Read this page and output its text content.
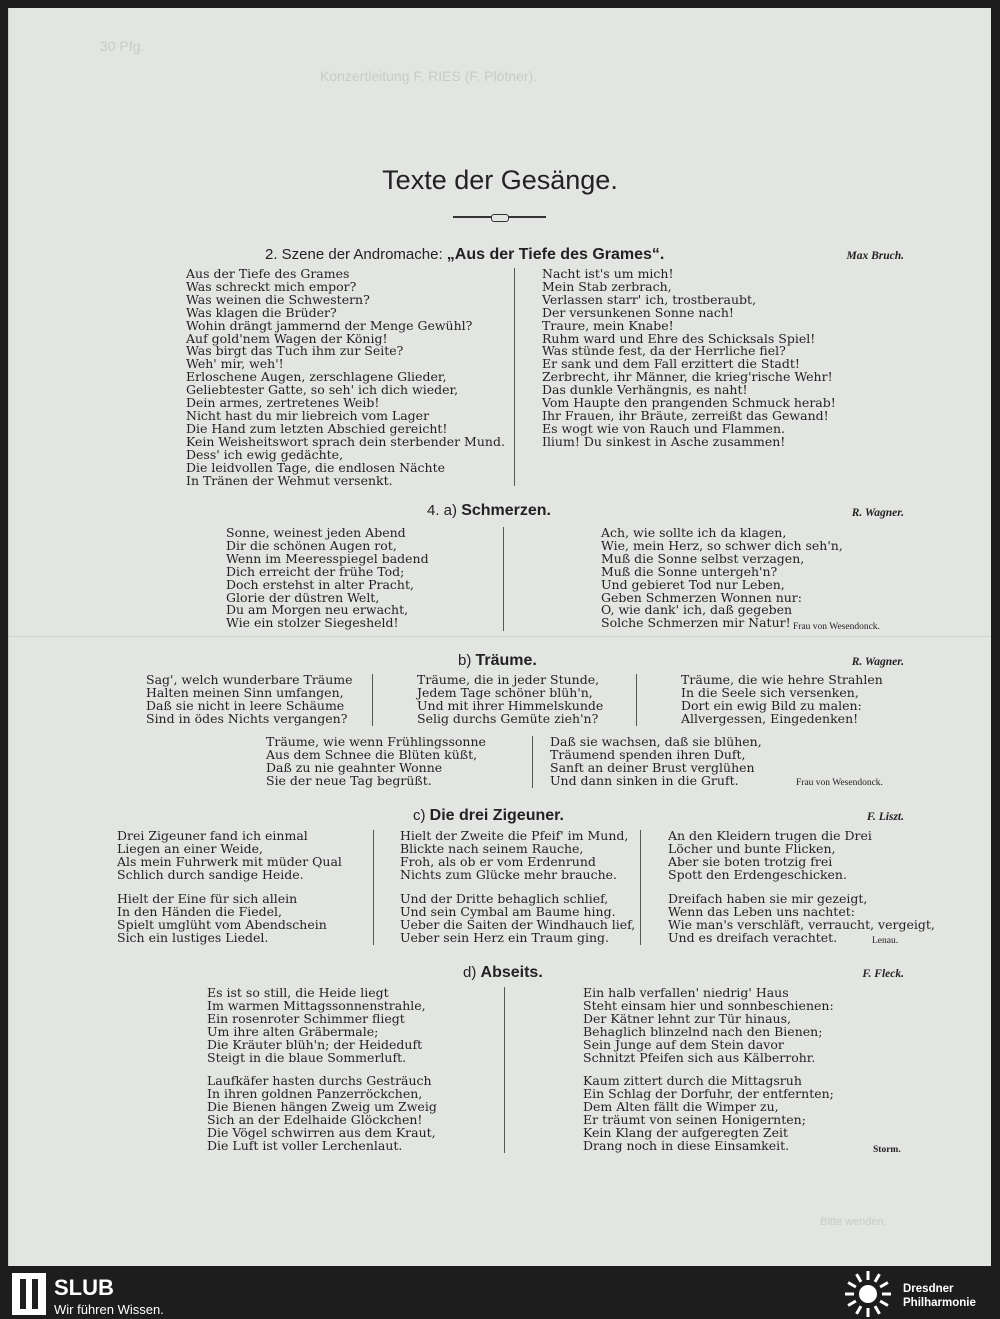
30 Pfg.
Konzertleitung F. RIES (F. Plötner).
Bitte wenden.
Texte der Gesänge.
2. Szene der Andromache: „Aus der Tiefe des Grames“.	Max Bruch.
Aus der Tiefe des Grames
Was schreckt mich empor?
Was weinen die Schwestern?
Was klagen die Brüder?
Wohin drängt jammernd der Menge Gewühl?
Auf gold'nem Wagen der König!
Was birgt das Tuch ihm zur Seite?
Weh' mir, weh'!
Erloschene Augen, zerschlagene Glieder,
Geliebtester Gatte, so seh' ich dich wieder,
Dein armes, zertretenes Weib!
Nicht hast du mir liebreich vom Lager
Die Hand zum letzten Abschied gereicht!
Kein Weisheitswort sprach dein sterbender Mund.
Dess' ich ewig gedächte,
Die leidvollen Tage, die endlosen Nächte
In Tränen der Wehmut versenkt.
Nacht ist's um mich!
Mein Stab zerbrach,
Verlassen starr' ich, trostberaubt,
Der versunkenen Sonne nach!
Traure, mein Knabe!
Ruhm ward und Ehre des Schicksals Spiel!
Was stünde fest, da der Herrliche fiel?
Er sank und dem Fall erzittert die Stadt!
Zerbrecht, ihr Männer, die krieg'rische Wehr!
Das dunkle Verhängnis, es naht!
Vom Haupte den prangenden Schmuck herab!
Ihr Frauen, ihr Bräute, zerreißt das Gewand!
Es wogt wie von Rauch und Flammen.
Ilium! Du sinkest in Asche zusammen!
4. a) Schmerzen.	R. Wagner.
Sonne, weinest jeden Abend
Dir die schönen Augen rot,
Wenn im Meeresspiegel badend
Dich erreicht der frühe Tod;
Doch erstehst in alter Pracht,
Glorie der düstren Welt,
Du am Morgen neu erwacht,
Wie ein stolzer Siegesheld!
Ach, wie sollte ich da klagen,
Wie, mein Herz, so schwer dich seh'n,
Muß die Sonne selbst verzagen,
Muß die Sonne untergeh'n?
Und gebieret Tod nur Leben,
Geben Schmerzen Wonnen nur:
O, wie dank' ich, daß gegeben
Solche Schmerzen mir Natur! Frau von Wesendonck.
b) Träume.	R. Wagner.
Sag', welch wunderbare Träume
Halten meinen Sinn umfangen,
Daß sie nicht in leere Schäume
Sind in ödes Nichts vergangen?
Träume, die in jeder Stunde,
Jedem Tage schöner blüh'n,
Und mit ihrer Himmelskunde
Selig durchs Gemüte zieh'n?
Träume, die wie hehre Strahlen
In die Seele sich versenken,
Dort ein ewig Bild zu malen:
Allvergessen, Eingedenken!
Träume, wie wenn Frühlingssonne
Aus dem Schnee die Blüten küßt,
Daß zu nie geahnter Wonne
Sie der neue Tag begrüßt.
Daß sie wachsen, daß sie blühen,
Träumend spenden ihren Duft,
Sanft an deiner Brust verglühen
Und dann sinken in die Gruft.	Frau von Wesendonck.
c) Die drei Zigeuner.	F. Liszt.
Drei Zigeuner fand ich einmal
Liegen an einer Weide,
Als mein Fuhrwerk mit müder Qual
Schlich durch sandige Heide.
Hielt der Eine für sich allein
In den Händen die Fiedel,
Spielt umglüht vom Abendschein
Sich ein lustiges Liedel.
Hielt der Zweite die Pfeif' im Mund,
Blickte nach seinem Rauche,
Froh, als ob er vom Erdenrund
Nichts zum Glücke mehr brauche.
Und der Dritte behaglich schlief,
Und sein Cymbal am Baume hing.
Ueber die Saiten der Windhauch lief,
Ueber sein Herz ein Traum ging.
An den Kleidern trugen die Drei
Löcher und bunte Flicken,
Aber sie boten trotzig frei
Spott den Erdengeschicken.
Dreifach haben sie mir gezeigt,
Wenn das Leben uns nachtet:
Wie man's verschläft, verraucht, vergeigt,
Und es dreifach verachtet.	Lenau.
d) Abseits.	F. Fleck.
Es ist so still, die Heide liegt
Im warmen Mittagssonnenstrahle,
Ein rosenroter Schimmer fliegt
Um ihre alten Gräbermale;
Die Kräuter blüh'n; der Heideduft
Steigt in die blaue Sommerluft.
Laufkäfer hasten durchs Gesträuch
In ihren goldnen Panzerröckchen,
Die Bienen hängen Zweig um Zweig
Sich an der Edelhaide Glöckchen!
Die Vögel schwirren aus dem Kraut,
Die Luft ist voller Lerchenlaut.
Ein halb verfallen' niedrig' Haus
Steht einsam hier und sonnbeschienen:
Der Kätner lehnt zur Tür hinaus,
Behaglich blinzelnd nach den Bienen;
Sein Junge auf dem Stein davor
Schnitzt Pfeifen sich aus Kälberrohr.
Kaum zittert durch die Mittagsruh
Ein Schlag der Dorfuhr, der entfernten;
Dem Alten fällt die Wimper zu,
Er träumt von seinen Honigernten;
Kein Klang der aufgeregten Zeit
Drang noch in diese Einsamkeit.	Storm.
SLUB
Wir führen Wissen.
Dresdner
Philharmonie
